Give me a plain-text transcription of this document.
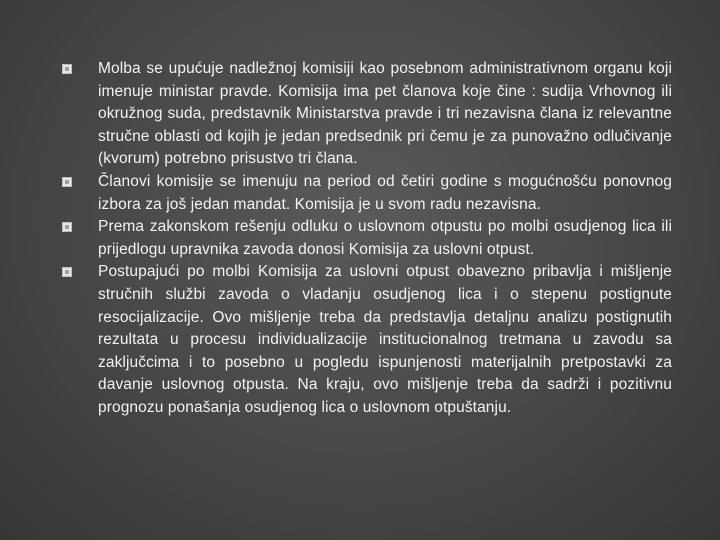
Molba se upućuje nadležnoj komisiji kao posebnom administrativnom organu koji imenuje ministar pravde. Komisija ima pet članova koje čine : sudija Vrhovnog ili okružnog suda, predstavnik Ministarstva pravde i tri nezavisna člana iz relevantne stručne oblasti od kojih je jedan predsednik pri čemu je za punovažno odlučivanje (kvorum) potrebno prisustvo tri člana.
Članovi komisije se imenuju na period od četiri godine s mogućnošću ponovnog izbora za još jedan mandat. Komisija je u svom radu nezavisna.
Prema zakonskom rešenju odluku o uslovnom otpustu po molbi osudjenog lica ili prijedlogu upravnika zavoda donosi Komisija za uslovni otpust.
Postupajući po molbi Komisija za uslovni otpust obavezno pribavlja i mišljenje stručnih službi zavoda o vladanju osudjenog lica i o stepenu postignute resocijalizacije. Ovo mišljenje treba da predstavlja detaljnu analizu postignutih rezultata u procesu individualizacije institucionalnog tretmana u zavodu sa zaključcima i to posebno u pogledu ispunjenosti materijalnih pretpostavki za davanje uslovnog otpusta. Na kraju, ovo mišljenje treba da sadrži i pozitivnu prognozu ponašanja osudjenog lica o uslovnom otpuštanju.
